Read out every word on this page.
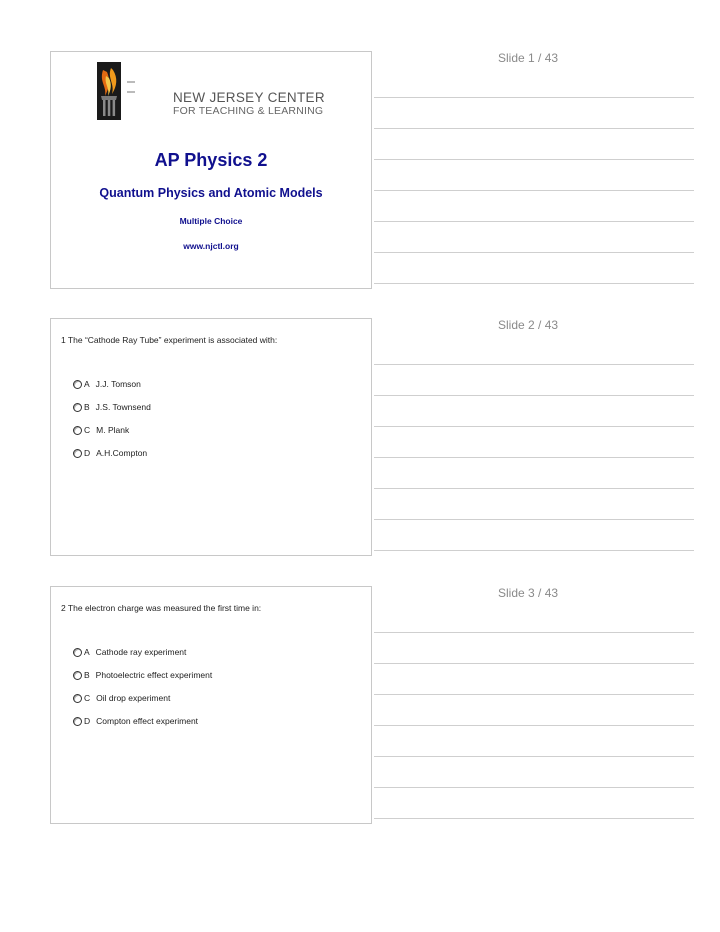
Slide 1 / 43
NEW JERSEY CENTER
FOR TEACHING & LEARNING
AP Physics 2
Quantum Physics and Atomic Models
Multiple Choice
www.njctl.org
Slide 2 / 43
1 The “Cathode Ray Tube” experiment is associated with:
A J.J. Tomson
B J.S. Townsend
C M. Plank
D A.H.Compton
Slide 3 / 43
2 The electron charge was measured the first time in:
A Cathode ray experiment
B Photoelectric effect experiment
C Oil drop experiment
D Compton effect experiment
